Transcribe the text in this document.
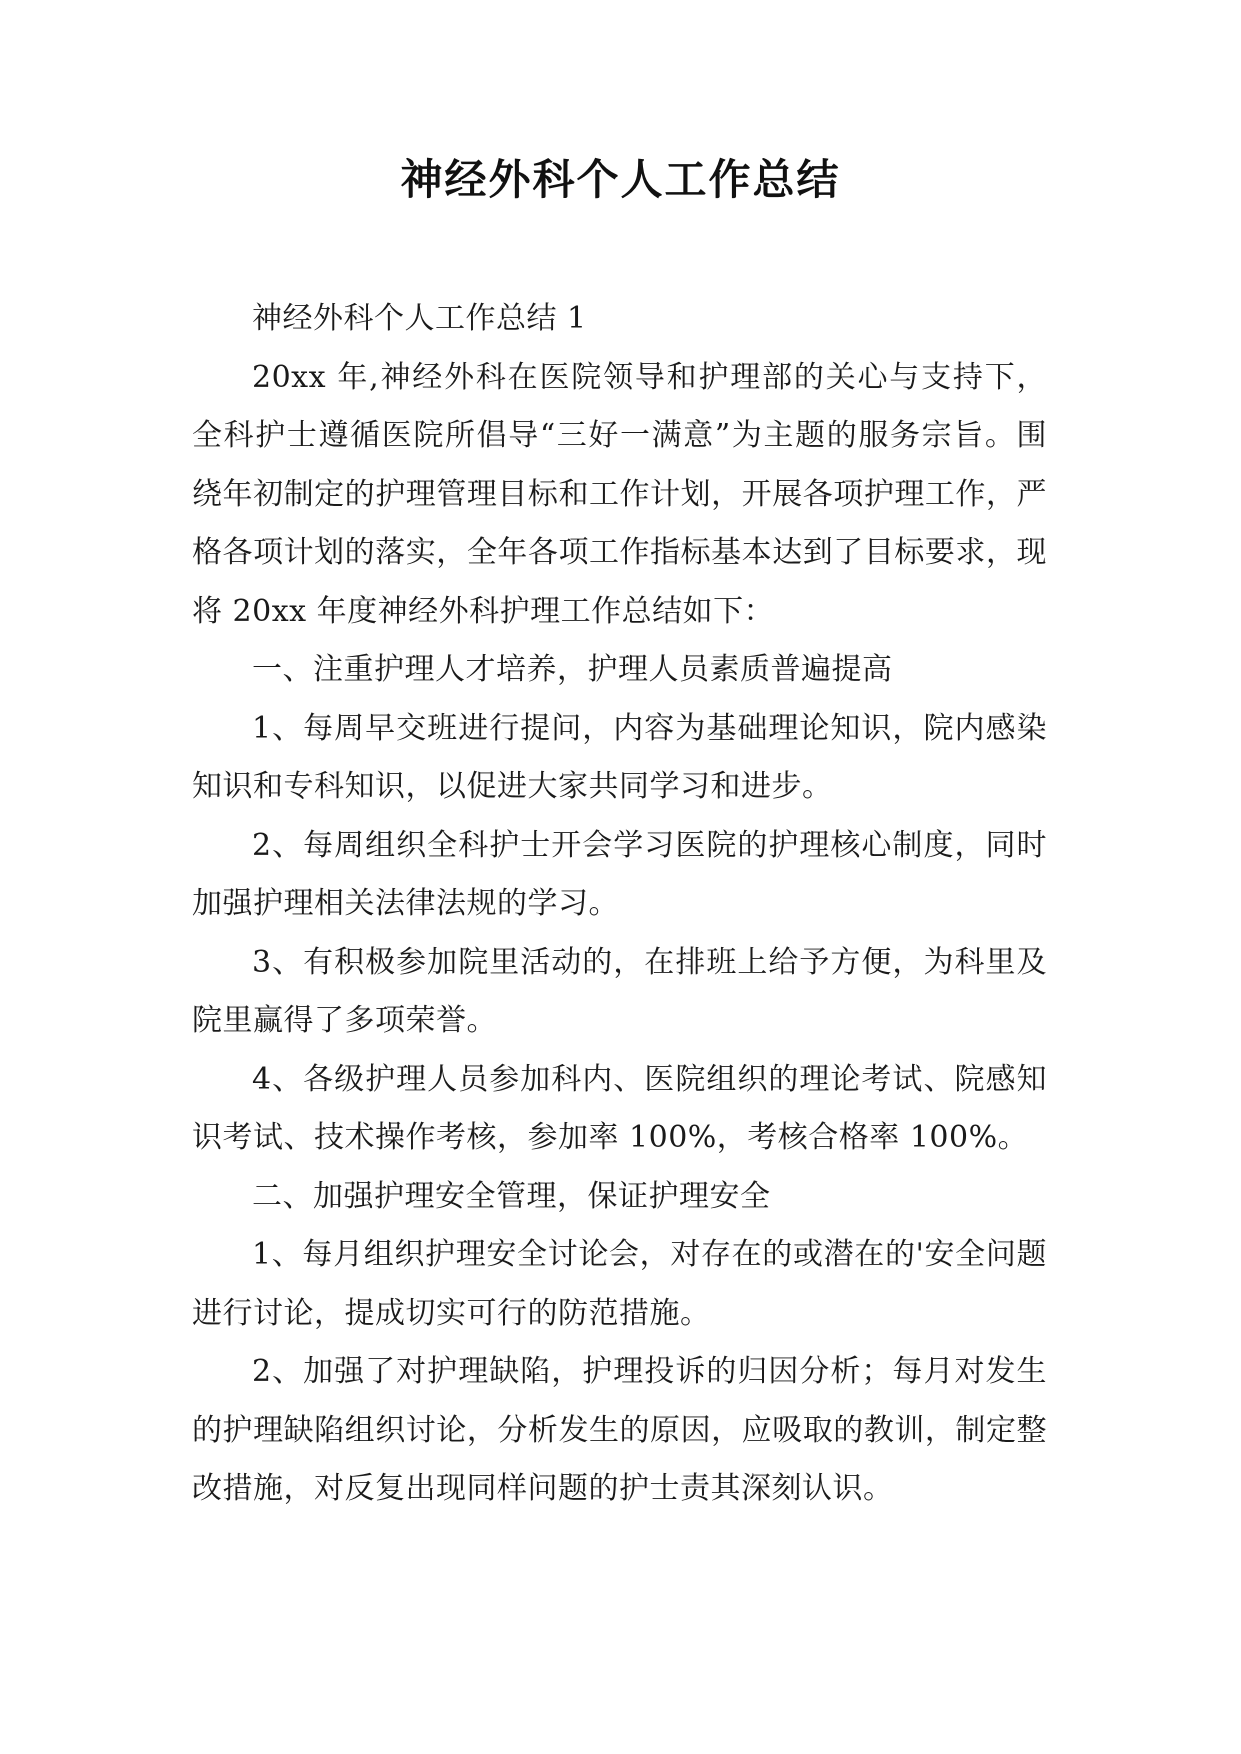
神经外科个人工作总结

神经外科个人工作总结 1

20xx 年,神经外科在医院领导和护理部的关心与支持下，全科护士遵循医院所倡导“三好一满意”为主题的服务宗旨。围绕年初制定的护理管理目标和工作计划，开展各项护理工作，严格各项计划的落实，全年各项工作指标基本达到了目标要求，现将 20xx 年度神经外科护理工作总结如下：

一、注重护理人才培养，护理人员素质普遍提高

1、每周早交班进行提问，内容为基础理论知识，院内感染知识和专科知识，以促进大家共同学习和进步。

2、每周组织全科护士开会学习医院的护理核心制度，同时加强护理相关法律法规的学习。

3、有积极参加院里活动的，在排班上给予方便，为科里及院里赢得了多项荣誉。

4、各级护理人员参加科内、医院组织的理论考试、院感知识考试、技术操作考核，参加率 100%，考核合格率 100%。

二、加强护理安全管理，保证护理安全

1、每月组织护理安全讨论会，对存在的或潜在的'安全问题进行讨论，提成切实可行的防范措施。

2、加强了对护理缺陷，护理投诉的归因分析；每月对发生的护理缺陷组织讨论，分析发生的原因，应吸取的教训，制定整改措施，对反复出现同样问题的护士责其深刻认识。
